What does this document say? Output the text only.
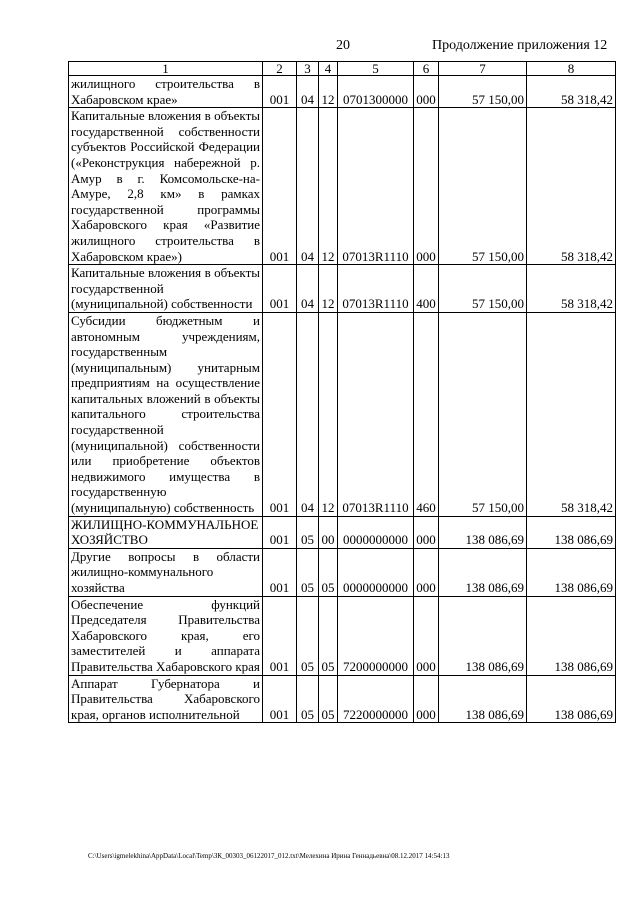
20	Продолжение приложения 12
1	2	3	4	5	6	7	8
жилищного строительства в Хабаровском крае»	001	04	12	0701300000	000	57 150,00	58 318,42
Капитальные вложения в объекты государственной собственности субъектов Российской Федерации («Реконструкция набережной р. Амур в г. Комсомольске-на-Амуре, 2,8 км» в рамках государственной программы Хабаровского края «Развитие жилищного строительства в Хабаровском крае»)	001	04	12	07013R1110	000	57 150,00	58 318,42
Капитальные вложения в объекты государственной (муниципальной) собственности	001	04	12	07013R1110	400	57 150,00	58 318,42
Субсидии бюджетным и автономным учреждениям, государственным (муниципальным) унитарным предприятиям на осуществление капитальных вложений в объекты капитального строительства государственной (муниципальной) собственности или приобретение объектов недвижимого имущества в государственную (муниципальную) собственность	001	04	12	07013R1110	460	57 150,00	58 318,42
ЖИЛИЩНО-КОММУНАЛЬНОЕ ХОЗЯЙСТВО	001	05	00	0000000000	000	138 086,69	138 086,69
Другие вопросы в области жилищно-коммунального хозяйства	001	05	05	0000000000	000	138 086,69	138 086,69
Обеспечение функций Председателя Правительства Хабаровского края, его заместителей и аппарата Правительства Хабаровского края	001	05	05	7200000000	000	138 086,69	138 086,69
Аппарат Губернатора и Правительства Хабаровского края, органов исполнительной	001	05	05	7220000000	000	138 086,69	138 086,69
C:\Users\igmelekhina\AppData\Local\Temp\ЗК_00303_06122017_012.txt\Мелехина Ирина Геннадьевна\08.12.2017 14:54:13
